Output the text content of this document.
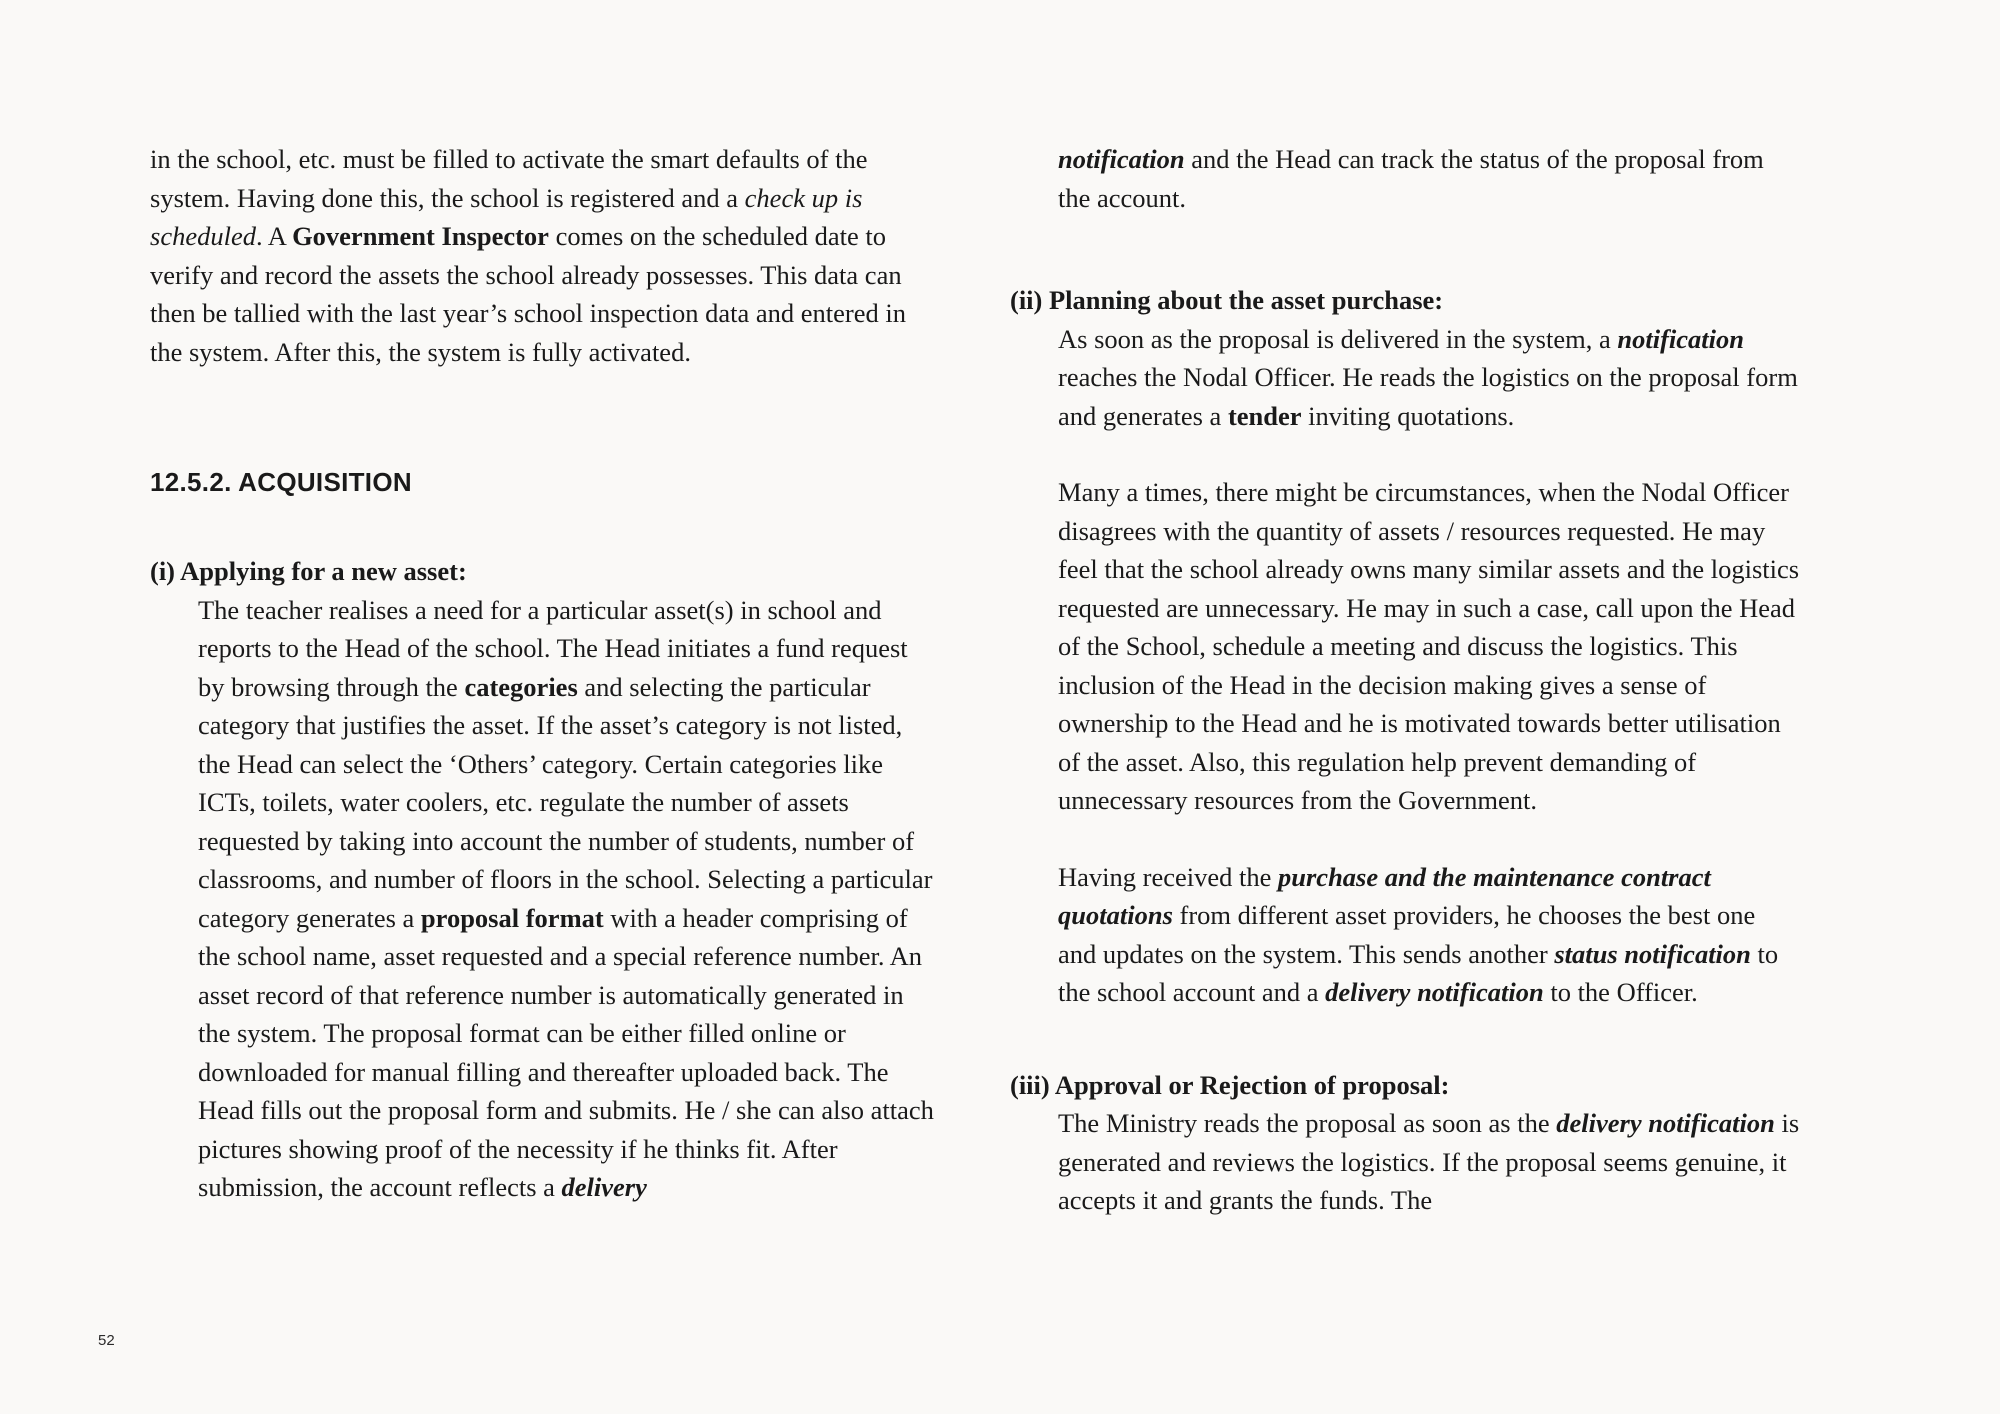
in the school, etc. must be filled to activate the smart defaults of the system. Having done this, the school is registered and a check up is scheduled. A Government Inspector comes on the scheduled date to verify and record the assets the school already possesses. This data can then be tallied with the last year’s school inspection data and entered in the system. After this, the system is fully activated.

12.5.2. ACQUISITION

(i) Applying for a new asset:

The teacher realises a need for a particular asset(s) in school and reports to the Head of the school. The Head initiates a fund request by browsing through the categories and selecting the particular category that justifies the asset. If the asset’s category is not listed, the Head can select the ‘Others’ category. Certain categories like ICTs, toilets, water coolers, etc. regulate the number of assets requested by taking into account the number of students, number of classrooms, and number of floors in the school. Selecting a particular category generates a proposal format with a header comprising of the school name, asset requested and a special reference number. An asset record of that reference number is automatically generated in the system. The proposal format can be either filled online or downloaded for manual filling and thereafter uploaded back. The Head fills out the proposal form and submits. He / she can also attach pictures showing proof of the necessity if he thinks fit. After submission, the account reflects a delivery

notification and the Head can track the status of the proposal from the account.

(ii) Planning about the asset purchase:

As soon as the proposal is delivered in the system, a notification reaches the Nodal Officer. He reads the logistics on the proposal form and generates a tender inviting quotations.

Many a times, there might be circumstances, when the Nodal Officer disagrees with the quantity of assets / resources requested. He may feel that the school already owns many similar assets and the logistics requested are unnecessary. He may in such a case, call upon the Head of the School, schedule a meeting and discuss the logistics. This inclusion of the Head in the decision making gives a sense of ownership to the Head and he is motivated towards better utilisation of the asset. Also, this regulation help prevent demanding of unnecessary resources from the Government.

Having received the purchase and the maintenance contract quotations from different asset providers, he chooses the best one and updates on the system. This sends another status notification to the school account and a delivery notification to the Officer.

(iii) Approval or Rejection of proposal:

The Ministry reads the proposal as soon as the delivery notification is generated and reviews the logistics. If the proposal seems genuine, it accepts it and grants the funds. The

52
